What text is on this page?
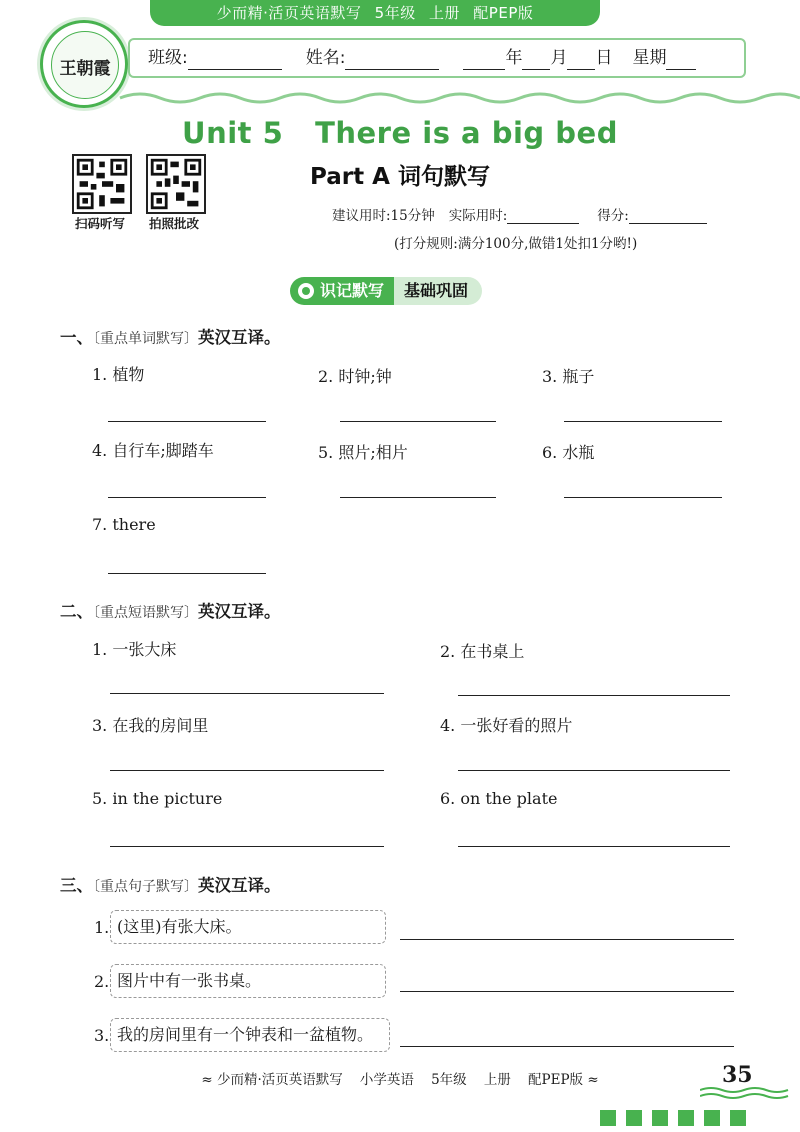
少而精·活页英语默写 5年级 上册 配PEP版
王朝霞
班级:	姓名:	年 月 日 星期
Unit 5   There is a big bed
Part A 词句默写
扫码听写	拍照批改	建议用时:15分钟 实际用时:	得分:
(打分规则:满分100分,做错1处扣1分哟!)
识记默写	基础巩固
一、〔重点单词默写〕英汉互译。
1. 植物	2. 时钟;钟	3. 瓶子
4. 自行车;脚踏车	5. 照片;相片	6. 水瓶
7. there
二、〔重点短语默写〕英汉互译。
1. 一张大床	2. 在书桌上
3. 在我的房间里	4. 一张好看的照片
5. in the picture	6. on the plate
三、〔重点句子默写〕英汉互译。
1. (这里)有张大床。
2. 图片中有一张书桌。
3. 我的房间里有一个钟表和一盆植物。
≈ 少而精·活页英语默写    小学英语    5年级    上册    配PEP版 ≈	35
